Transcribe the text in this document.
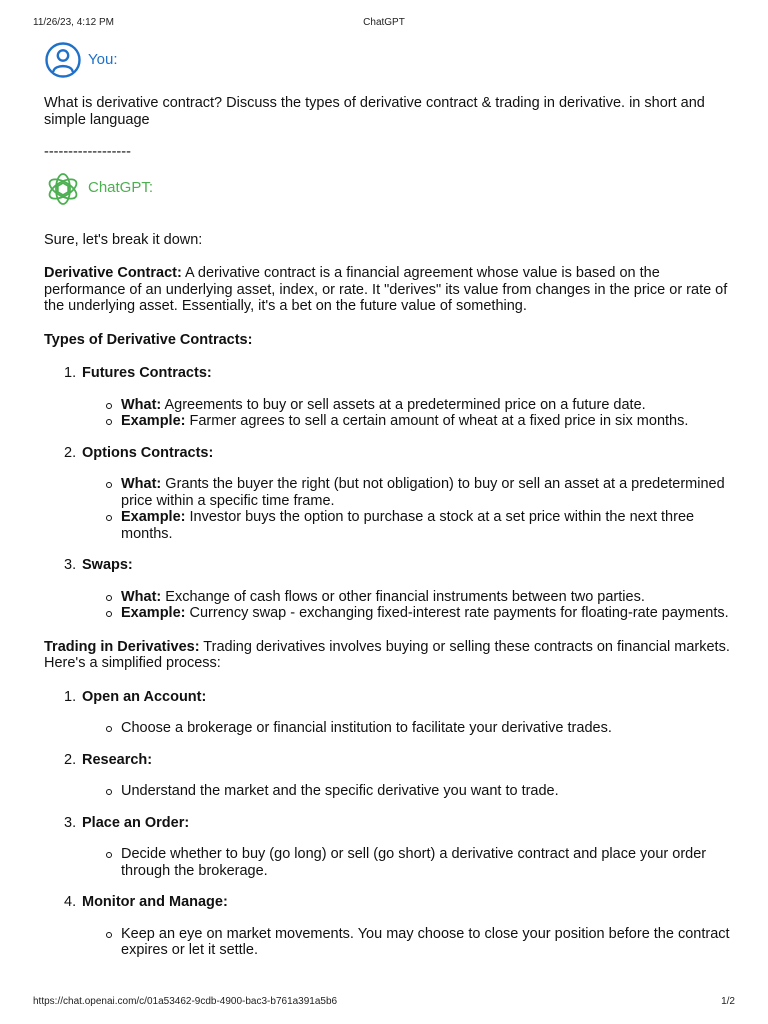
11/26/23, 4:12 PM	ChatGPT
You:

What is derivative contract? Discuss the types of derivative contract & trading in derivative. in short and simple language

------------------

ChatGPT:

Sure, let's break it down:

Derivative Contract: A derivative contract is a financial agreement whose value is based on the performance of an underlying asset, index, or rate. It "derives" its value from changes in the price or rate of the underlying asset. Essentially, it's a bet on the future value of something.

Types of Derivative Contracts:

1. Futures Contracts:
What: Agreements to buy or sell assets at a predetermined price on a future date.
Example: Farmer agrees to sell a certain amount of wheat at a fixed price in six months.
2. Options Contracts:
What: Grants the buyer the right (but not obligation) to buy or sell an asset at a predetermined price within a specific time frame.
Example: Investor buys the option to purchase a stock at a set price within the next three months.
3. Swaps:
What: Exchange of cash flows or other financial instruments between two parties.
Example: Currency swap - exchanging fixed-interest rate payments for floating-rate payments.

Trading in Derivatives: Trading derivatives involves buying or selling these contracts on financial markets. Here's a simplified process:

1. Open an Account:
Choose a brokerage or financial institution to facilitate your derivative trades.
2. Research:
Understand the market and the specific derivative you want to trade.
3. Place an Order:
Decide whether to buy (go long) or sell (go short) a derivative contract and place your order through the brokerage.
4. Monitor and Manage:
Keep an eye on market movements. You may choose to close your position before the contract expires or let it settle.
https://chat.openai.com/c/01a53462-9cdb-4900-bac3-b761a391a5b6	1/2
